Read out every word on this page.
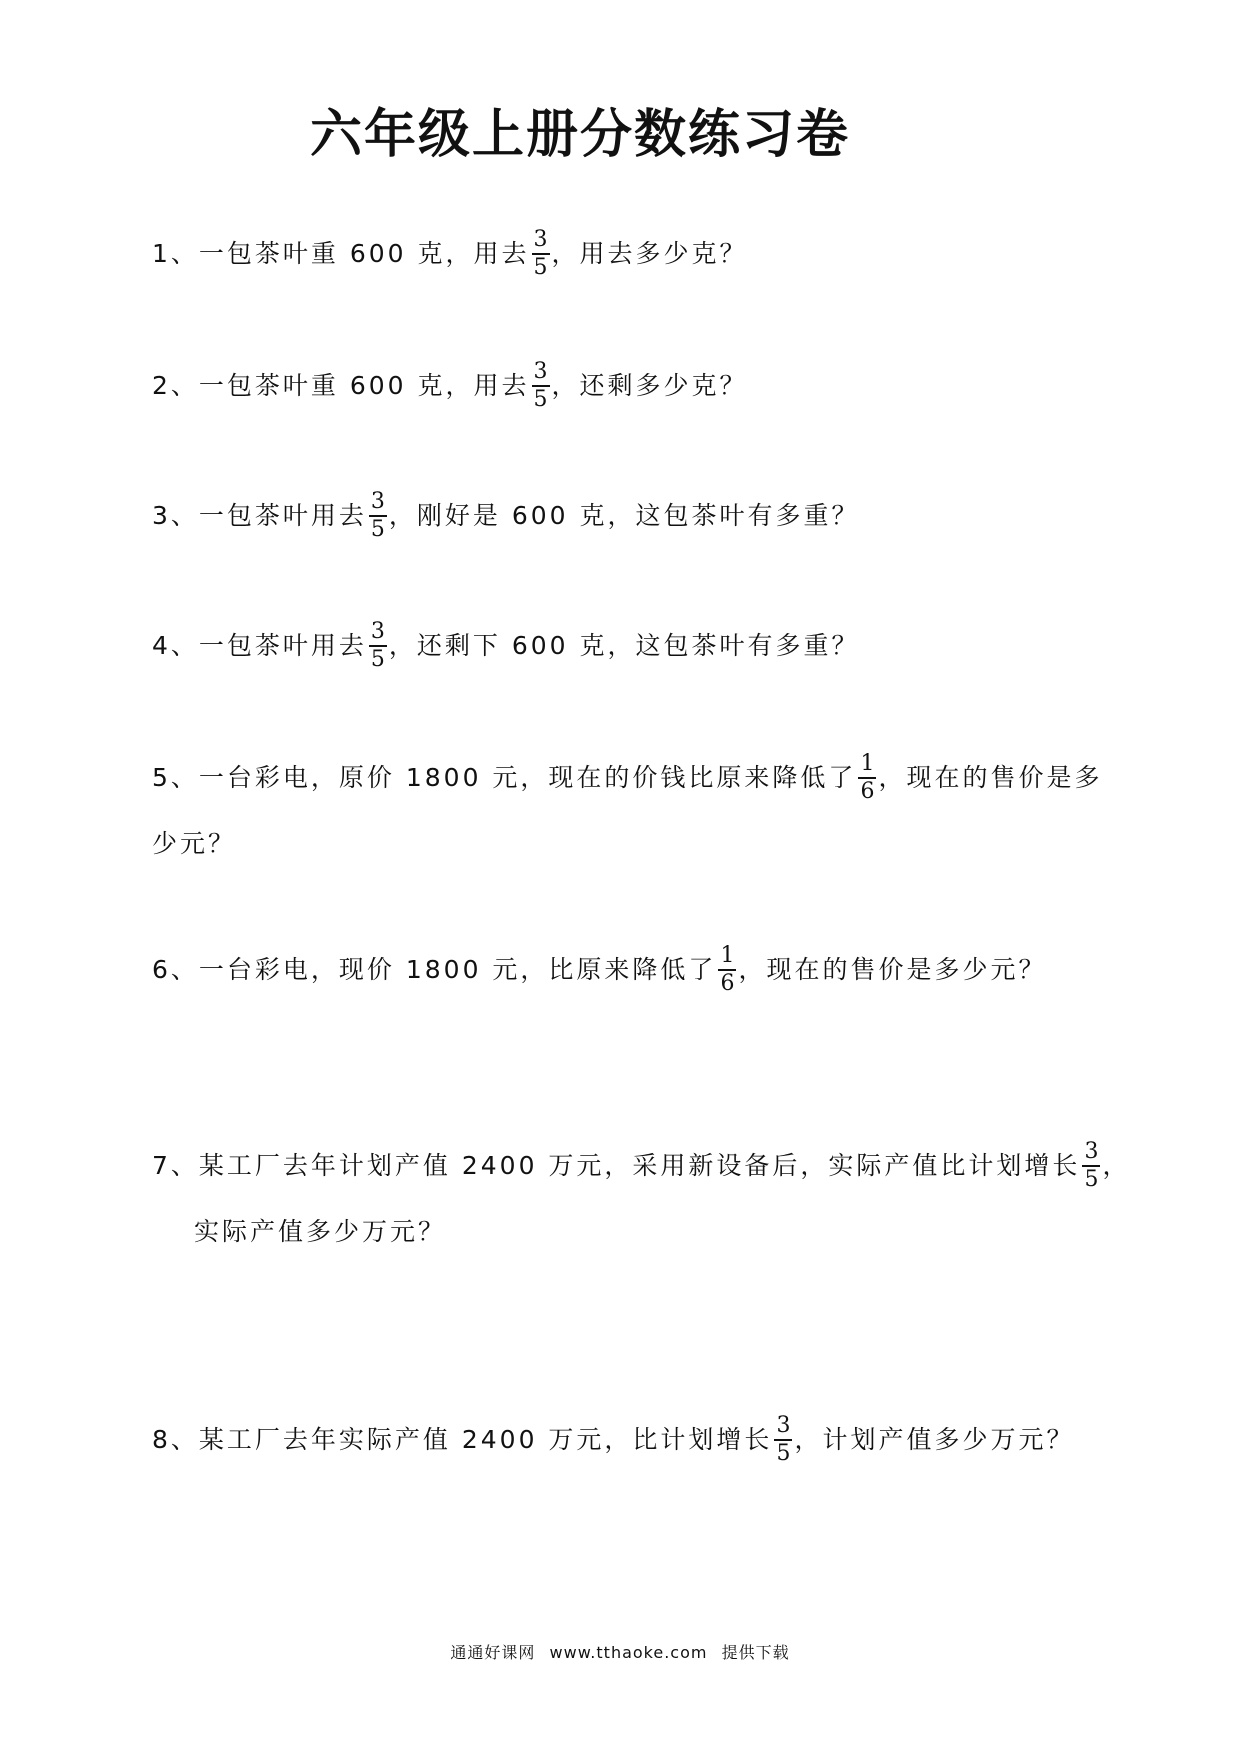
六年级上册分数练习卷
1、一包茶叶重 600 克，用去 $\frac{3}{5}$ ，用去多少克？
2、一包茶叶重 600 克，用去 $\frac{3}{5}$ ，还剩多少克？
3、一包茶叶用去 $\frac{3}{5}$ ，刚好是 600 克，这包茶叶有多重？
4、一包茶叶用去 $\frac{3}{5}$ ，还剩下 600 克，这包茶叶有多重？
5、一台彩电，原价 1800 元，现在的价钱比原来降低了 $\frac{1}{6}$ ，现在的售价是多
少元？
6、一台彩电，现价 1800 元，比原来降低了 $\frac{1}{6}$ ，现在的售价是多少元？
7、某工厂去年计划产值 2400 万元，采用新设备后，实际产值比计划增长 $\frac{3}{5}$ ，
实际产值多少万元？
8、某工厂去年实际产值 2400 万元，比计划增长 $\frac{3}{5}$ ，计划产值多少万元？
通通好课网 www.tthaoke.com 提供下载
